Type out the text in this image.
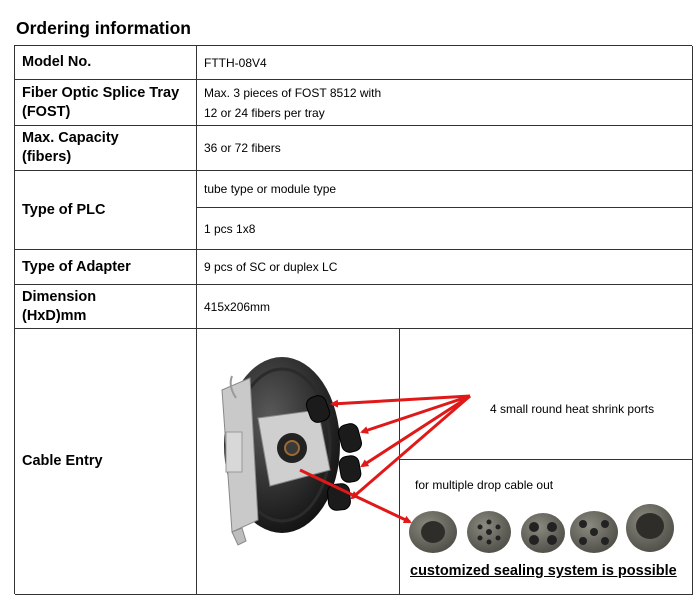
Ordering information
Model No.	FTTH-08V4
Fiber Optic Splice Tray
(FOST)
Max. 3 pieces of FOST 8512 with
12 or 24 fibers per tray
Max. Capacity
(fibers)
36 or 72 fibers
Type of PLC
tube type or module type
1 pcs 1x8
Type of Adapter	9 pcs of SC or duplex LC
Dimension
(HxD)mm
415x206mm
Cable Entry
4 small round heat shrink ports
for multiple drop cable out
customized sealing system is possible
